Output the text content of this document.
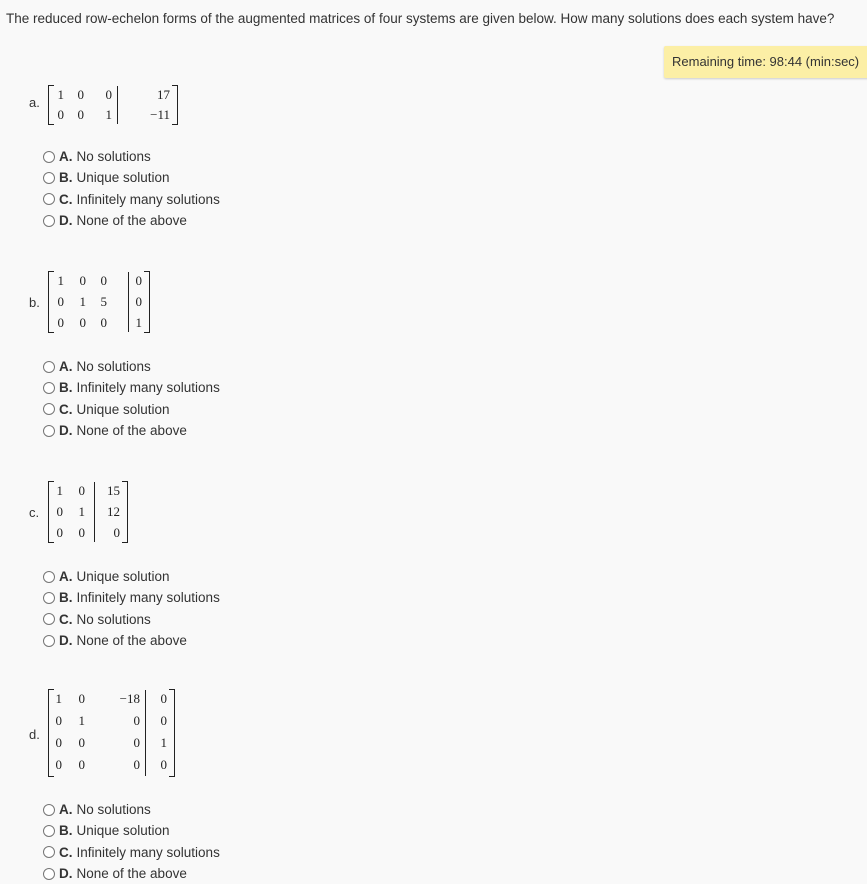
The reduced row-echelon forms of the augmented matrices of four systems are given below. How many solutions does each system have?
Remaining time: 98:44 (min:sec)
a.
1 0 0	17
0 0 1	−11
A. No solutions
B. Unique solution
C. Infinitely many solutions
D. None of the above
b.
1 0 0 0
0 1 5 0
0 0 0 1
A. No solutions
B. Infinitely many solutions
C. Unique solution
D. None of the above
c.
1 0 15
0 1 12
0 0 0
A. Unique solution
B. Infinitely many solutions
C. No solutions
D. None of the above
d.
1 0	−18 0
0 1	0 0
0 0	0 1
0 0	0 0
A. No solutions
B. Unique solution
C. Infinitely many solutions
D. None of the above
